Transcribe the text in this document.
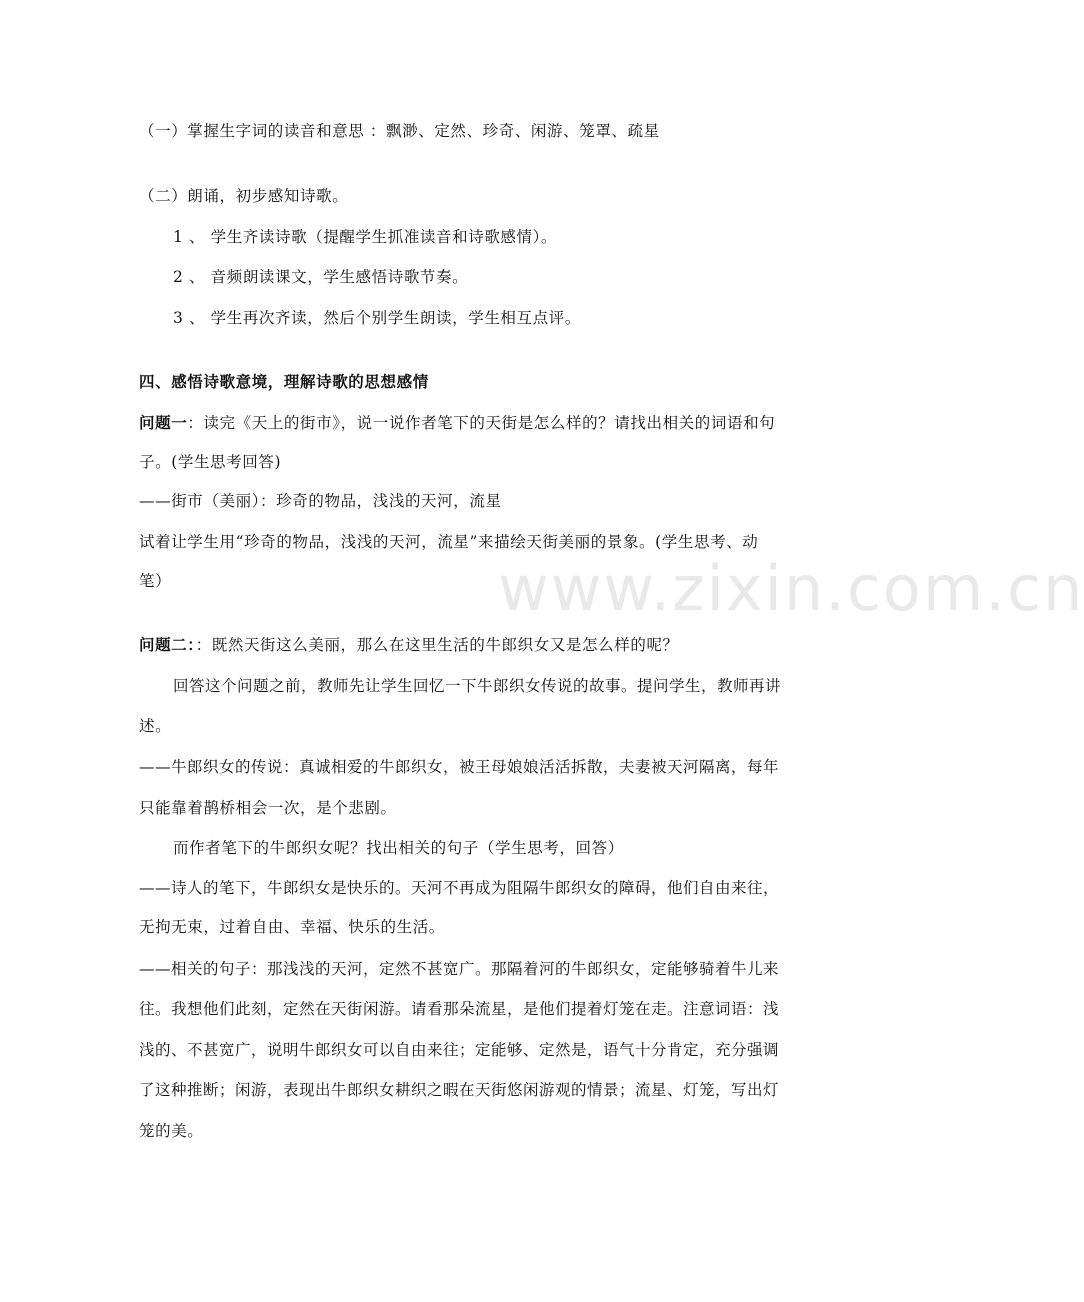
www.zixin.com.cn
（一）掌握生字词的读音和意思 ：飘渺、定然、珍奇、闲游、笼罩、疏星
（二）朗诵，初步感知诗歌。
1 、 学生齐读诗歌（提醒学生抓准读音和诗歌感情）。
2 、 音频朗读课文，学生感悟诗歌节奏。
3 、 学生再次齐读，然后个别学生朗读，学生相互点评。
四、感悟诗歌意境，理解诗歌的思想感情
问题一：读完《天上的街市》，说一说作者笔下的天街是怎么样的？请找出相关的词语和句
子。(学生思考回答)
——街市（美丽）：珍奇的物品，浅浅的天河，流星
试着让学生用“珍奇的物品，浅浅的天河，流星”来描绘天街美丽的景象。(学生思考、动
笔）
问题二：：既然天街这么美丽，那么在这里生活的牛郎织女又是怎么样的呢？
回答这个问题之前，教师先让学生回忆一下牛郎织女传说的故事。提问学生，教师再讲
述。
——牛郎织女的传说：真诚相爱的牛郎织女，被王母娘娘活活拆散，夫妻被天河隔离，每年
只能靠着鹊桥相会一次，是个悲剧。
而作者笔下的牛郎织女呢？找出相关的句子（学生思考，回答）
——诗人的笔下，牛郎织女是快乐的。天河不再成为阻隔牛郎织女的障碍，他们自由来往，
无拘无束，过着自由、幸福、快乐的生活。
——相关的句子：那浅浅的天河，定然不甚宽广。那隔着河的牛郎织女，定能够骑着牛儿来
往。我想他们此刻，定然在天街闲游。请看那朵流星，是他们提着灯笼在走。注意词语：浅
浅的、不甚宽广，说明牛郎织女可以自由来往；定能够、定然是，语气十分肯定，充分强调
了这种推断；闲游，表现出牛郎织女耕织之暇在天街悠闲游观的情景；流星、灯笼，写出灯
笼的美。
